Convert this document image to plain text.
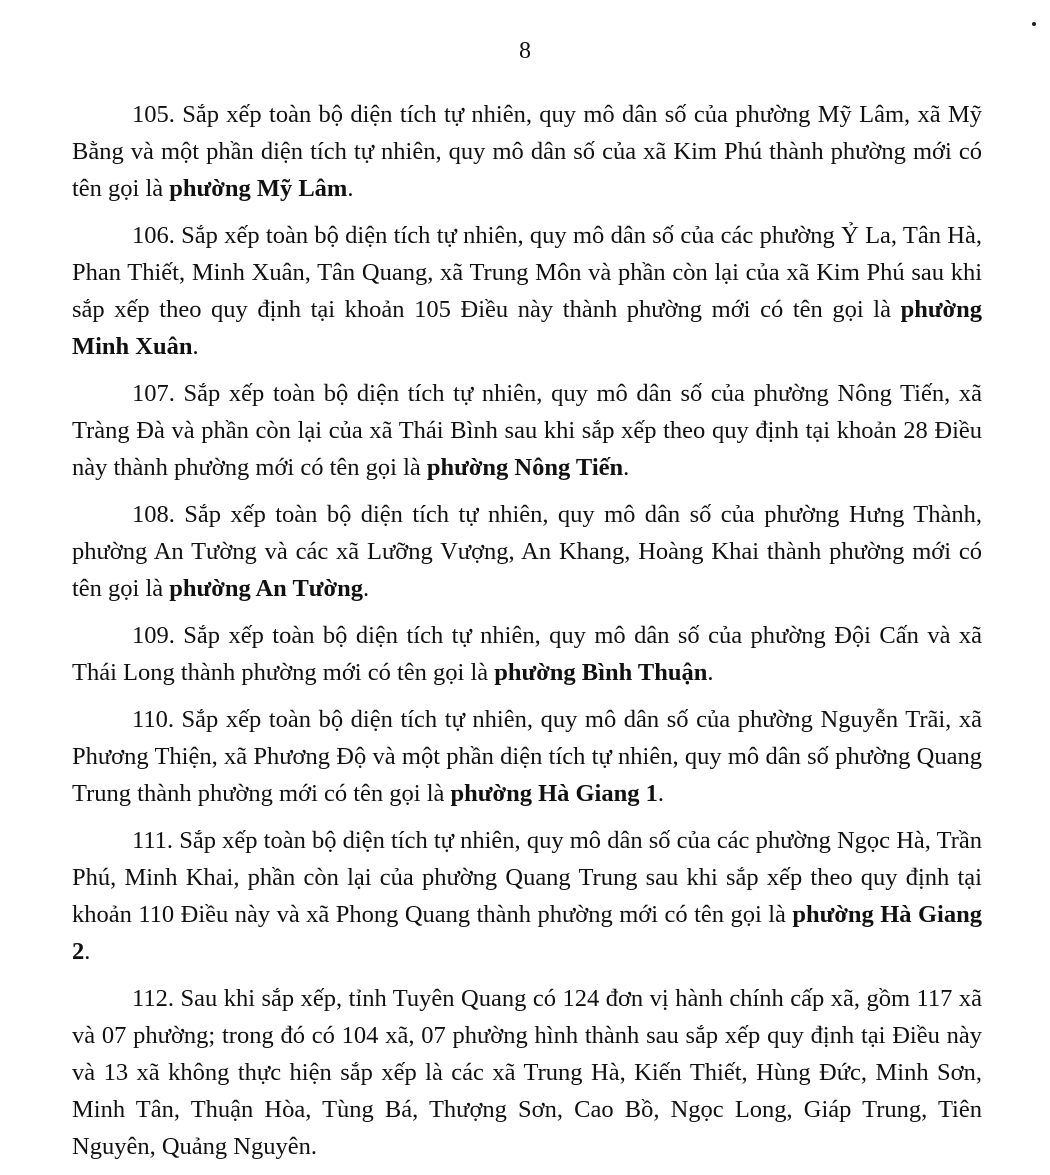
8

105. Sắp xếp toàn bộ diện tích tự nhiên, quy mô dân số của phường Mỹ Lâm, xã Mỹ Bằng và một phần diện tích tự nhiên, quy mô dân số của xã Kim Phú thành phường mới có tên gọi là phường Mỹ Lâm.

106. Sắp xếp toàn bộ diện tích tự nhiên, quy mô dân số của các phường Ỷ La, Tân Hà, Phan Thiết, Minh Xuân, Tân Quang, xã Trung Môn và phần còn lại của xã Kim Phú sau khi sắp xếp theo quy định tại khoản 105 Điều này thành phường mới có tên gọi là phường Minh Xuân.

107. Sắp xếp toàn bộ diện tích tự nhiên, quy mô dân số của phường Nông Tiến, xã Tràng Đà và phần còn lại của xã Thái Bình sau khi sắp xếp theo quy định tại khoản 28 Điều này thành phường mới có tên gọi là phường Nông Tiến.

108. Sắp xếp toàn bộ diện tích tự nhiên, quy mô dân số của phường Hưng Thành, phường An Tường và các xã Lưỡng Vượng, An Khang, Hoàng Khai thành phường mới có tên gọi là phường An Tường.

109. Sắp xếp toàn bộ diện tích tự nhiên, quy mô dân số của phường Đội Cấn và xã Thái Long thành phường mới có tên gọi là phường Bình Thuận.

110. Sắp xếp toàn bộ diện tích tự nhiên, quy mô dân số của phường Nguyễn Trãi, xã Phương Thiện, xã Phương Độ và một phần diện tích tự nhiên, quy mô dân số phường Quang Trung thành phường mới có tên gọi là phường Hà Giang 1.

111. Sắp xếp toàn bộ diện tích tự nhiên, quy mô dân số của các phường Ngọc Hà, Trần Phú, Minh Khai, phần còn lại của phường Quang Trung sau khi sắp xếp theo quy định tại khoản 110 Điều này và xã Phong Quang thành phường mới có tên gọi là phường Hà Giang 2.

112. Sau khi sắp xếp, tỉnh Tuyên Quang có 124 đơn vị hành chính cấp xã, gồm 117 xã và 07 phường; trong đó có 104 xã, 07 phường hình thành sau sắp xếp quy định tại Điều này và 13 xã không thực hiện sắp xếp là các xã Trung Hà, Kiến Thiết, Hùng Đức, Minh Sơn, Minh Tân, Thuận Hòa, Tùng Bá, Thượng Sơn, Cao Bồ, Ngọc Long, Giáp Trung, Tiên Nguyên, Quảng Nguyên.
